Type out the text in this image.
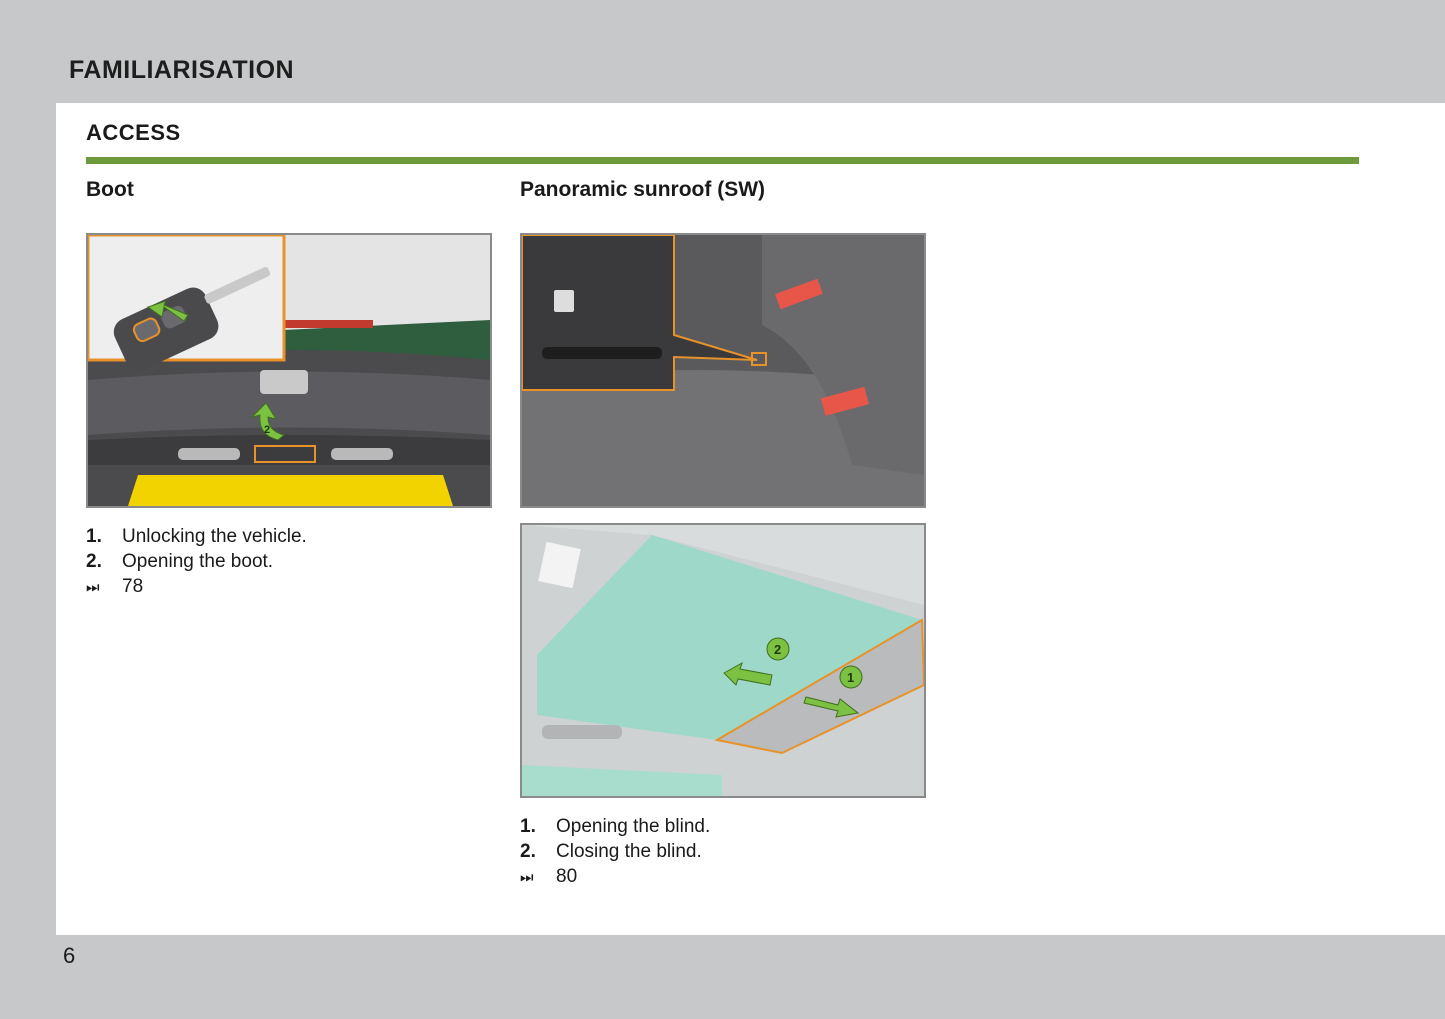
FAMILIARISATION
ACCESS
Boot
2
1. Unlocking the vehicle.
2. Opening the boot.
⏭ 78
Panoramic sunroof (SW)
2
1
1. Opening the blind.
2. Closing the blind.
⏭ 80
6
